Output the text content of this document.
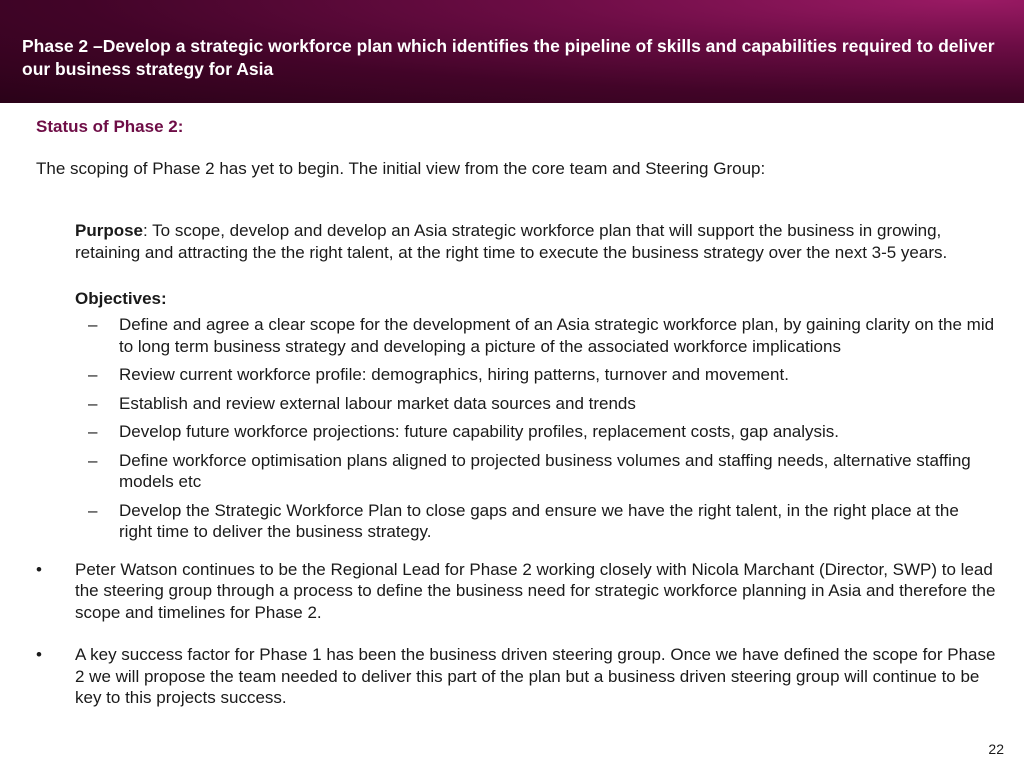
Phase 2 –Develop a strategic workforce plan which identifies the pipeline of skills and capabilities required to deliver our business strategy for Asia

Status of Phase 2:

The scoping of Phase 2 has yet to begin. The initial view from the core team and Steering Group:

Purpose: To scope, develop and develop an Asia strategic workforce plan that will support the business in growing, retaining and attracting the the right talent, at the right time to execute the business strategy over the next 3-5 years.

Objectives:

– Define and agree a clear scope for the development of an Asia strategic workforce plan, by gaining clarity on the mid to long term business strategy and developing a picture of the associated workforce implications
– Review current workforce profile: demographics, hiring patterns, turnover and movement.
– Establish and review external labour market data sources and trends
– Develop future workforce projections: future capability profiles, replacement costs, gap analysis.
– Define workforce optimisation plans aligned to projected business volumes and staffing needs, alternative staffing models etc
– Develop the Strategic Workforce Plan to close gaps and ensure we have the right talent, in the right place at the right time to deliver the business strategy.
• Peter Watson continues to be the Regional Lead for Phase 2 working closely with Nicola Marchant (Director, SWP) to lead the steering group through a process to define the business need for strategic workforce planning in Asia and therefore the scope and timelines for Phase 2.
• A key success factor for Phase 1 has been the business driven steering group. Once we have defined the scope for Phase 2 we will propose the team needed to deliver this part of the plan but a business driven steering group will continue to be key to this projects success.
22
